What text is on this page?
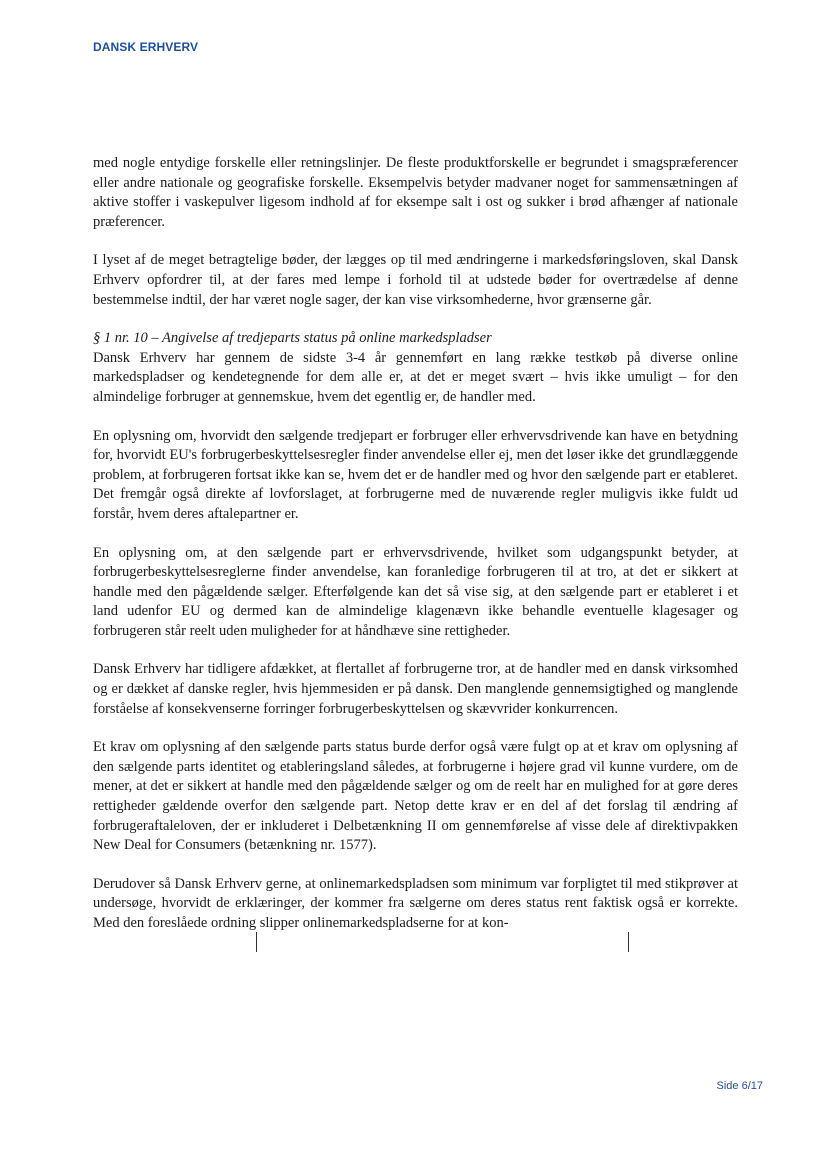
DANSK ERHVERV

med nogle entydige forskelle eller retningslinjer. De fleste produktforskelle er begrundet i smagspræferencer eller andre nationale og geografiske forskelle. Eksempelvis betyder madvaner noget for sammensætningen af aktive stoffer i vaskepulver ligesom indhold af for eksempe salt i ost og sukker i brød afhænger af nationale præferencer.

I lyset af de meget betragtelige bøder, der lægges op til med ændringerne i markedsføringsloven, skal Dansk Erhverv opfordrer til, at der fares med lempe i forhold til at udstede bøder for overtrædelse af denne bestemmelse indtil, der har været nogle sager, der kan vise virksomhederne, hvor grænserne går.

§ 1 nr. 10 – Angivelse af tredjeparts status på online markedspladser
Dansk Erhverv har gennem de sidste 3-4 år gennemført en lang række testkøb på diverse online markedspladser og kendetegnende for dem alle er, at det er meget svært – hvis ikke umuligt – for den almindelige forbruger at gennemskue, hvem det egentlig er, de handler med.

En oplysning om, hvorvidt den sælgende tredjepart er forbruger eller erhvervsdrivende kan have en betydning for, hvorvidt EU's forbrugerbeskyttelsesregler finder anvendelse eller ej, men det løser ikke det grundlæggende problem, at forbrugeren fortsat ikke kan se, hvem det er de handler med og hvor den sælgende part er etableret. Det fremgår også direkte af lovforslaget, at forbrugerne med de nuværende regler muligvis ikke fuldt ud forstår, hvem deres aftalepartner er.

En oplysning om, at den sælgende part er erhvervsdrivende, hvilket som udgangspunkt betyder, at forbrugerbeskyttelsesreglerne finder anvendelse, kan foranledige forbrugeren til at tro, at det er sikkert at handle med den pågældende sælger. Efterfølgende kan det så vise sig, at den sælgende part er etableret i et land udenfor EU og dermed kan de almindelige klagenævn ikke behandle eventuelle klagesager og forbrugeren står reelt uden muligheder for at håndhæve sine rettigheder.

Dansk Erhverv har tidligere afdækket, at flertallet af forbrugerne tror, at de handler med en dansk virksomhed og er dækket af danske regler, hvis hjemmesiden er på dansk. Den manglende gennemsigtighed og manglende forståelse af konsekvenserne forringer forbrugerbeskyttelsen og skævvrider konkurrencen.

Et krav om oplysning af den sælgende parts status burde derfor også være fulgt op at et krav om oplysning af den sælgende parts identitet og etableringsland således, at forbrugerne i højere grad vil kunne vurdere, om de mener, at det er sikkert at handle med den pågældende sælger og om de reelt har en mulighed for at gøre deres rettigheder gældende overfor den sælgende part. Netop dette krav er en del af det forslag til ændring af forbrugeraftaleloven, der er inkluderet i Delbetænkning II om gennemførelse af visse dele af direktivpakken New Deal for Consumers (betænkning nr. 1577).

Derudover så Dansk Erhverv gerne, at onlinemarkedspladsen som minimum var forpligtet til med stikprøver at undersøge, hvorvidt de erklæringer, der kommer fra sælgerne om deres status rent faktisk også er korrekte. Med den foreslåede ordning slipper onlinemarkedspladserne for at kon-

Side 6/17
